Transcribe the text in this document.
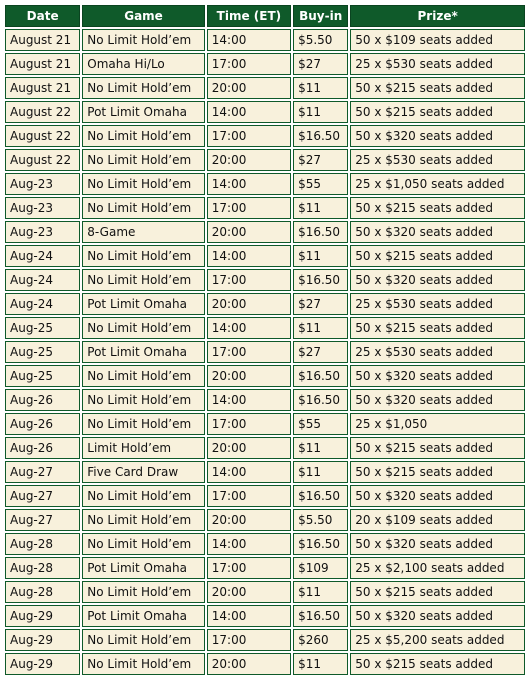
Date	Game	Time (ET)	Buy-in	Prize*
August 21	No Limit Hold’em	14:00	$5.50	50 x $109 seats added
August 21	Omaha Hi/Lo	17:00	$27	25 x $530 seats added
August 21	No Limit Hold’em	20:00	$11	50 x $215 seats added
August 22	Pot Limit Omaha	14:00	$11	50 x $215 seats added
August 22	No Limit Hold’em	17:00	$16.50	50 x $320 seats added
August 22	No Limit Hold’em	20:00	$27	25 x $530 seats added
Aug-23	No Limit Hold’em	14:00	$55	25 x $1,050 seats added
Aug-23	No Limit Hold’em	17:00	$11	50 x $215 seats added
Aug-23	8-Game	20:00	$16.50	50 x $320 seats added
Aug-24	No Limit Hold’em	14:00	$11	50 x $215 seats added
Aug-24	No Limit Hold’em	17:00	$16.50	50 x $320 seats added
Aug-24	Pot Limit Omaha	20:00	$27	25 x $530 seats added
Aug-25	No Limit Hold’em	14:00	$11	50 x $215 seats added
Aug-25	Pot Limit Omaha	17:00	$27	25 x $530 seats added
Aug-25	No Limit Hold’em	20:00	$16.50	50 x $320 seats added
Aug-26	No Limit Hold’em	14:00	$16.50	50 x $320 seats added
Aug-26	No Limit Hold’em	17:00	$55	25 x $1,050
Aug-26	Limit Hold’em	20:00	$11	50 x $215 seats added
Aug-27	Five Card Draw	14:00	$11	50 x $215 seats added
Aug-27	No Limit Hold’em	17:00	$16.50	50 x $320 seats added
Aug-27	No Limit Hold’em	20:00	$5.50	20 x $109 seats added
Aug-28	No Limit Hold’em	14:00	$16.50	50 x $320 seats added
Aug-28	Pot Limit Omaha	17:00	$109	25 x $2,100 seats added
Aug-28	No Limit Hold’em	20:00	$11	50 x $215 seats added
Aug-29	Pot Limit Omaha	14:00	$16.50	50 x $320 seats added
Aug-29	No Limit Hold’em	17:00	$260	25 x $5,200 seats added
Aug-29	No Limit Hold’em	20:00	$11	50 x $215 seats added
